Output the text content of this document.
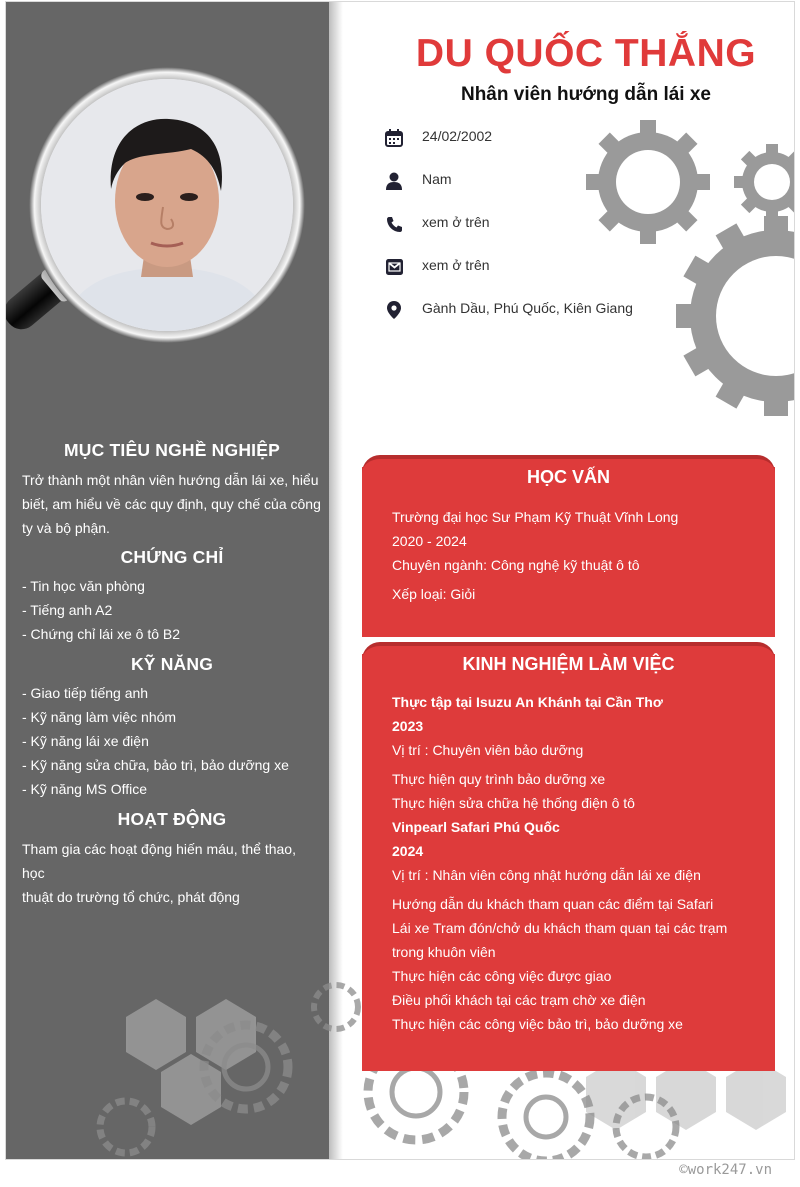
MỤC TIÊU NGHỀ NGHIỆP
Trở thành một nhân viên hướng dẫn lái xe, hiểu
biết, am hiểu về các quy định, quy chế của công
ty và bộ phận.
CHỨNG CHỈ
- Tin học văn phòng
- Tiếng anh A2
- Chứng chỉ lái xe ô tô B2
KỸ NĂNG
- Giao tiếp tiếng anh
- Kỹ năng làm việc nhóm
- Kỹ năng lái xe điện
- Kỹ năng sửa chữa, bảo trì, bảo dưỡng xe
- Kỹ năng MS Office
HOẠT ĐỘNG
Tham gia các hoạt động hiến máu, thể thao, học
thuật do trường tổ chức, phát động
DU QUỐC THẮNG
Nhân viên hướng dẫn lái xe
24/02/2002
Nam
xem ở trên
xem ở trên
Gành Dầu, Phú Quốc, Kiên Giang
HỌC VẤN
Trường đại học Sư Phạm Kỹ Thuật Vĩnh Long
2020 - 2024
Chuyên ngành: Công nghệ kỹ thuật ô tô
Xếp loại: Giỏi
KINH NGHIỆM LÀM VIỆC
Thực tập tại Isuzu An Khánh tại Cần Thơ
2023
Vị trí : Chuyên viên bảo dưỡng
Thực hiện quy trình bảo dưỡng xe
Thực hiện sửa chữa hệ thống điện ô tô
Vinpearl Safari Phú Quốc
2024
Vị trí : Nhân viên công nhật hướng dẫn lái xe điện
Hướng dẫn du khách tham quan các điểm tại Safari
Lái xe Tram đón/chở du khách tham quan tại các trạm
trong khuôn viên
Thực hiện các công việc được giao
Điều phối khách tại các trạm chờ xe điện
Thực hiện các công việc bảo trì, bảo dưỡng xe
©work247.vn
